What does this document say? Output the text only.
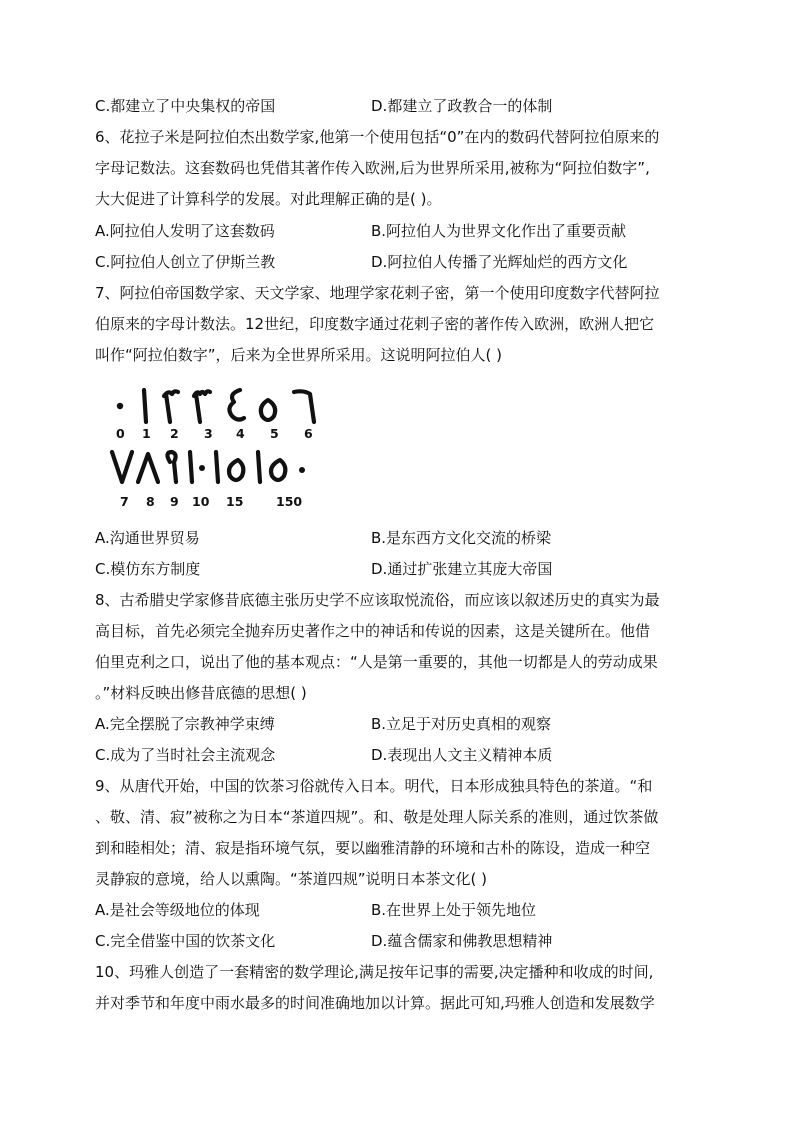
C.都建立了中央集权的帝国	D.都建立了政教合一的体制
6、花拉子米是阿拉伯杰出数学家,他第一个使用包括“0”在内的数码代替阿拉伯原来的
字母记数法。这套数码也凭借其著作传入欧洲,后为世界所采用,被称为“阿拉伯数字”,
大大促进了计算科学的发展。对此理解正确的是( )。
A.阿拉伯人发明了这套数码	B.阿拉伯人为世界文化作出了重要贡献
C.阿拉伯人创立了伊斯兰教	D.阿拉伯人传播了光辉灿烂的西方文化
7、阿拉伯帝国数学家、天文学家、地理学家花剌子密，第一个使用印度数字代替阿拉
伯原来的字母计数法。12世纪，印度数字通过花剌子密的著作传入欧洲，欧洲人把它
叫作“阿拉伯数字”，后来为全世界所采用。这说明阿拉伯人( )
0 1 2 3 4 5 6
7 8 9 10 15	150
A.沟通世界贸易	B.是东西方文化交流的桥梁
C.模仿东方制度	D.通过扩张建立其庞大帝国
8、古希腊史学家修昔底德主张历史学不应该取悦流俗，而应该以叙述历史的真实为最
高目标，首先必须完全抛弃历史著作之中的神话和传说的因素，这是关键所在。他借
伯里克利之口，说出了他的基本观点：“人是第一重要的，其他一切都是人的劳动成果
。”材料反映出修昔底德的思想( )
A.完全摆脱了宗教神学束缚	B.立足于对历史真相的观察
C.成为了当时社会主流观念	D.表现出人文主义精神本质
9、从唐代开始，中国的饮茶习俗就传入日本。明代，日本形成独具特色的茶道。“和
、敬、清、寂”被称之为日本“茶道四规”。和、敬是处理人际关系的准则，通过饮茶做
到和睦相处；清、寂是指环境气氛，要以幽雅清静的环境和古朴的陈设，造成一种空
灵静寂的意境，给人以熏陶。“茶道四规”说明日本茶文化( )
A.是社会等级地位的体现	B.在世界上处于领先地位
C.完全借鉴中国的饮茶文化	D.蕴含儒家和佛教思想精神
10、玛雅人创造了一套精密的数学理论,满足按年记事的需要,决定播种和收成的时间,
并对季节和年度中雨水最多的时间准确地加以计算。据此可知,玛雅人创造和发展数学
